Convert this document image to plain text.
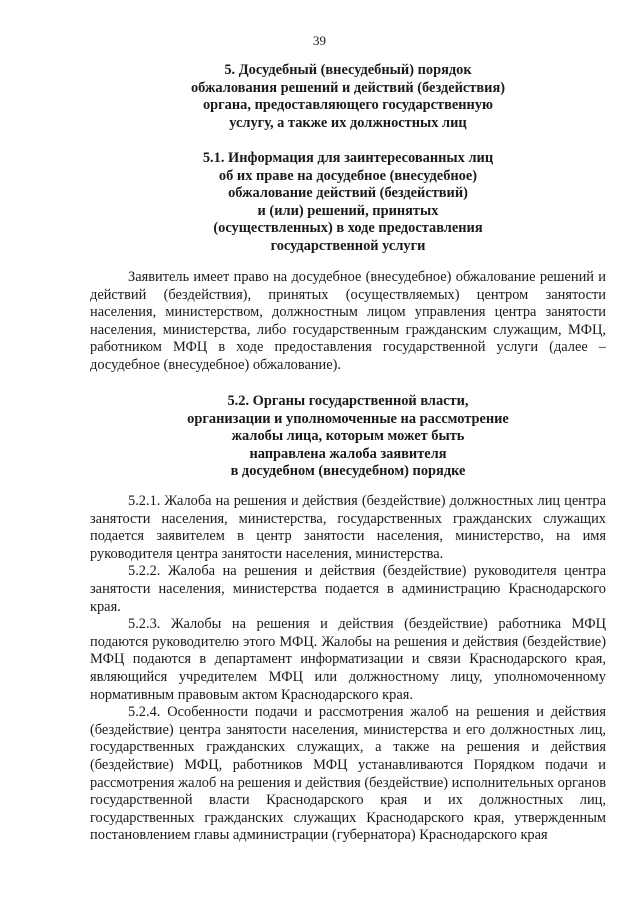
39
5. Досудебный (внесудебный) порядок
обжалования решений и действий (бездействия)
органа, предоставляющего государственную
услугу, а также их должностных лиц
5.1. Информация для заинтересованных лиц
об их праве на досудебное (внесудебное)
обжалование действий (бездействий)
и (или) решений, принятых
(осуществленных) в ходе предоставления
государственной услуги

Заявитель имеет право на досудебное (внесудебное) обжалование решений и действий (бездействия), принятых (осуществляемых) центром занятости населения, министерством, должностным лицом управления центра занятости населения, министерства, либо государственным гражданским служащим, МФЦ, работником МФЦ в ходе предоставления государственной услуги (далее – досудебное (внесудебное) обжалование).

5.2. Органы государственной власти,
организации и уполномоченные на рассмотрение
жалобы лица, которым может быть
направлена жалоба заявителя
в досудебном (внесудебном) порядке

5.2.1. Жалоба на решения и действия (бездействие) должностных лиц центра занятости населения, министерства, государственных гражданских служащих подается заявителем в центр занятости населения, министерство, на имя руководителя центра занятости населения, министерства.

5.2.2. Жалоба на решения и действия (бездействие) руководителя центра занятости населения, министерства подается в администрацию Краснодарского края.

5.2.3. Жалобы на решения и действия (бездействие) работника МФЦ подаются руководителю этого МФЦ. Жалобы на решения и действия (бездействие) МФЦ подаются в департамент информатизации и связи Краснодарского края, являющийся учредителем МФЦ или должностному лицу, уполномоченному нормативным правовым актом Краснодарского края.

5.2.4. Особенности подачи и рассмотрения жалоб на решения и действия (бездействие) центра занятости населения, министерства и его должностных лиц, государственных гражданских служащих, а также на решения и действия (бездействие) МФЦ, работников МФЦ устанавливаются Порядком подачи и рассмотрения жалоб на решения и действия (бездействие) исполнительных органов государственной власти Краснодарского края и их должностных лиц, государственных гражданских служащих Краснодарского края, утвержденным постановлением главы администрации (губернатора) Краснодарского края
